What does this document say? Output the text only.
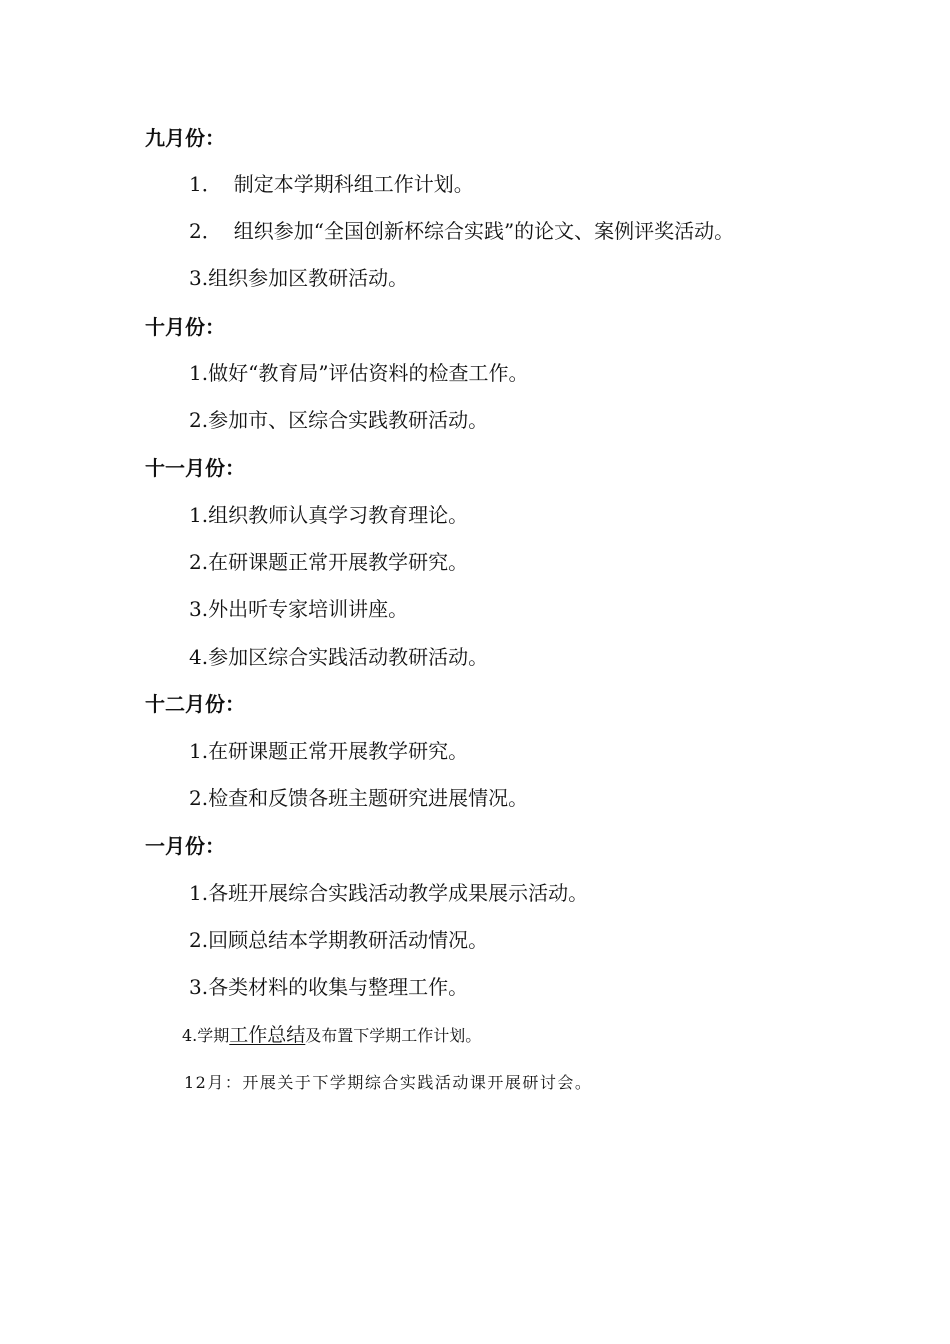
九月份：
1． 制定本学期科组工作计划。
2． 组织参加“全国创新杯综合实践”的论文、案例评奖活动。
3.组织参加区教研活动。
十月份：
1.做好“教育局”评估资料的检查工作。
2.参加市、区综合实践教研活动。
十一月份：
1.组织教师认真学习教育理论。
2.在研课题正常开展教学研究。
3.外出听专家培训讲座。
4.参加区综合实践活动教研活动。
十二月份：
1.在研课题正常开展教学研究。
2.检查和反馈各班主题研究进展情况。
一月份：
1.各班开展综合实践活动教学成果展示活动。
2.回顾总结本学期教研活动情况。
3.各类材料的收集与整理工作。
4.学期工作总结及布置下学期工作计划。
12月：开展关于下学期综合实践活动课开展研讨会。
